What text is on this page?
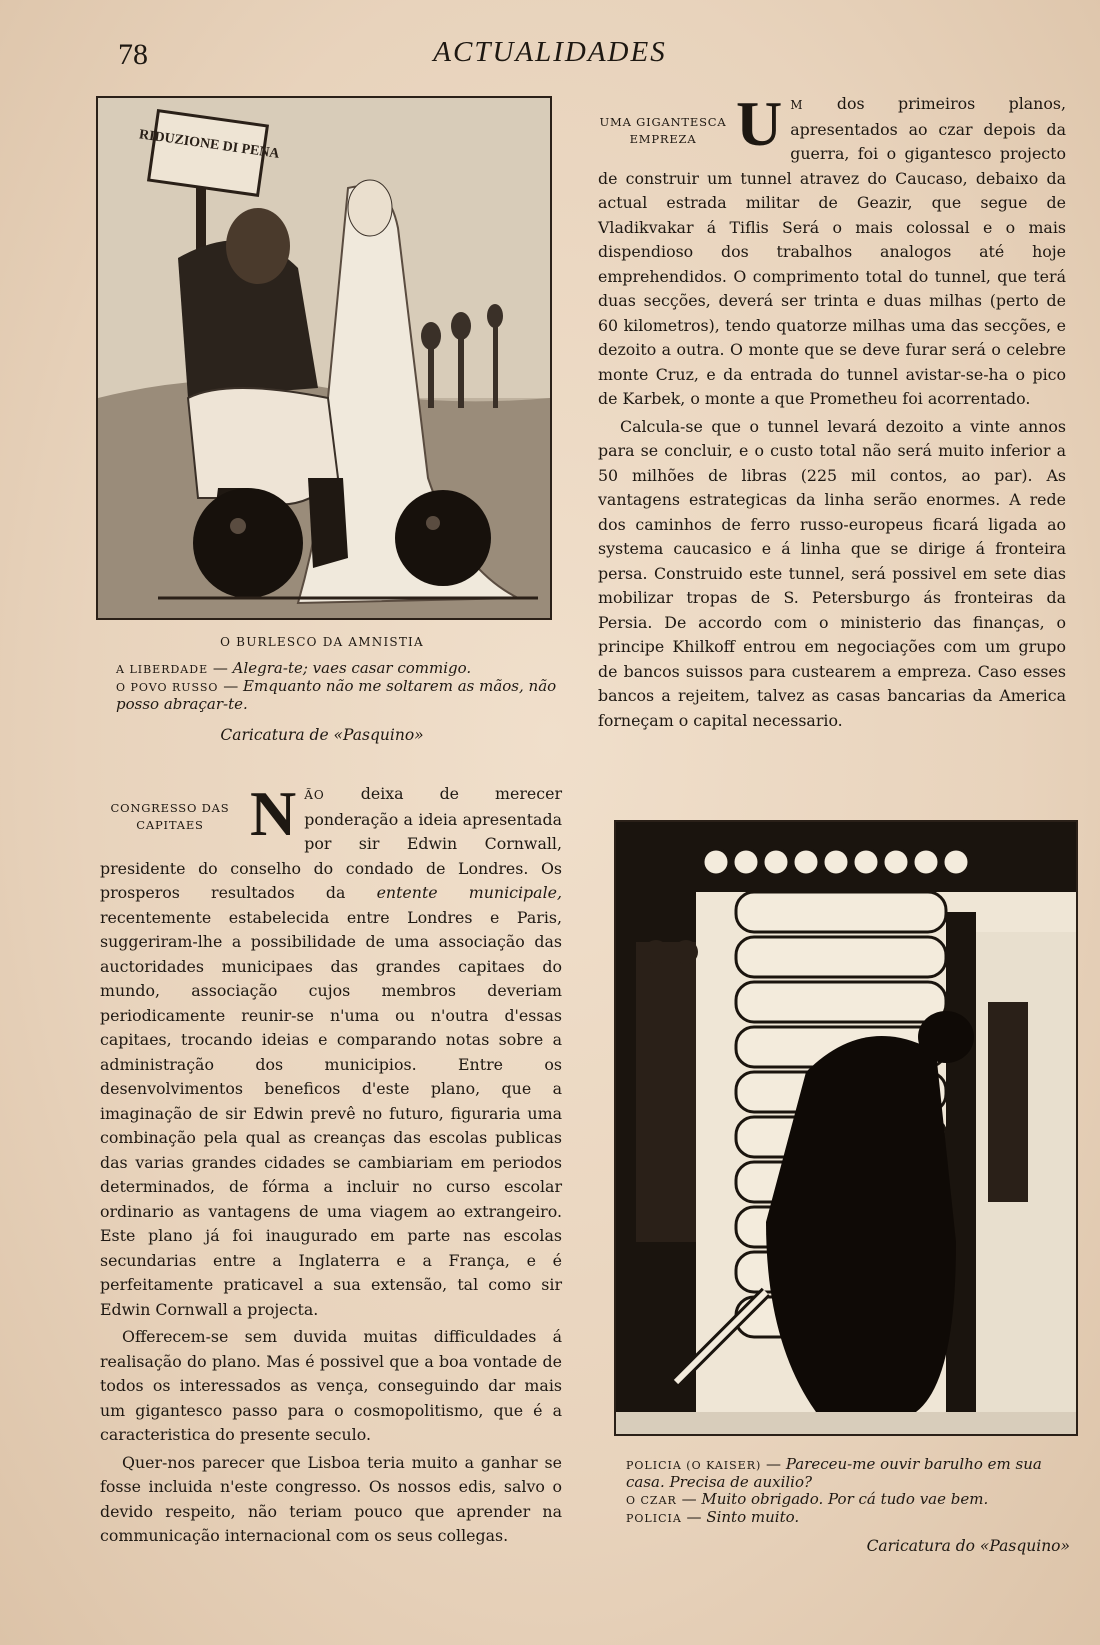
78	ACTUALIDADES
RIDUZIONE DI PENA
O BURLESCO DA AMNISTIA
A LIBERDADE — Alegra-te; vaes casar commigo.
O POVO RUSSO — Emquanto não me soltarem as mãos, não posso abraçar-te.
Caricatura de «Pasquino»
CONGRESSO DAS CAPITAES NÃO deixa de merecer ponderação a ideia apresentada por sir Edwin Cornwall, presidente do conselho do condado de Londres. Os prosperos resultados da entente municipale, recentemente estabelecida entre Londres e Paris, suggeriram-lhe a possibilidade de uma associação das auctoridades municipaes das grandes capitaes do mundo, associação cujos membros deveriam periodicamente reunir-se n'uma ou n'outra d'essas capitaes, trocando ideias e comparando notas sobre a administração dos municipios. Entre os desenvolvimentos beneficos d'este plano, que a imaginação de sir Edwin prevê no futuro, figuraria uma combinação pela qual as creanças das escolas publicas das varias grandes cidades se cambiariam em periodos determinados, de fórma a incluir no curso escolar ordinario as vantagens de uma viagem ao extrangeiro. Este plano já foi inaugurado em parte nas escolas secundarias entre a Inglaterra e a França, e é perfeitamente praticavel a sua extensão, tal como sir Edwin Cornwall a projecta.

Offerecem-se sem duvida muitas difficuldades á realisação do plano. Mas é possivel que a boa vontade de todos os interessados as vença, conseguindo dar mais um gigantesco passo para o cosmopolitismo, que é a caracteristica do presente seculo.

Quer-nos parecer que Lisboa teria muito a ganhar se fosse incluida n'este congresso. Os nossos edis, salvo o devido respeito, não teriam pouco que aprender na communicação internacional com os seus collegas.

UMA GIGANTESCA EMPREZA U M dos primeiros planos, apresentados ao czar depois da guerra, foi o gigantesco projecto de construir um tunnel atravez do Caucaso, debaixo da actual estrada militar de Geazir, que segue de Vladikvakar á Tiflis Será o mais colossal e o mais dispendioso dos trabalhos analogos até hoje emprehendidos. O comprimento total do tunnel, que terá duas secções, deverá ser trinta e duas milhas (perto de 60 kilometros), tendo quatorze milhas uma das secções, e dezoito a outra. O monte que se deve furar será o celebre monte Cruz, e da entrada do tunnel avistar-se-ha o pico de Karbek, o monte a que Prometheu foi acorrentado.

Calcula-se que o tunnel levará dezoito a vinte annos para se concluir, e o custo total não será muito inferior a 50 milhões de libras (225 mil contos, ao par). As vantagens estrategicas da linha serão enormes. A rede dos caminhos de ferro russo-europeus ficará ligada ao systema caucasico e á linha que se dirige á fronteira persa. Construido este tunnel, será possivel em sete dias mobilizar tropas de S. Petersburgo ás fronteiras da Persia. De accordo com o ministerio das finanças, o principe Khilkoff entrou em negociações com um grupo de bancos suissos para custearem a empreza. Caso esses bancos a rejeitem, talvez as casas bancarias da America forneçam o capital necessario.

POLICIA (O KAISER) — Pareceu-me ouvir barulho em sua casa. Precisa de auxilio?
O CZAR — Muito obrigado. Por cá tudo vae bem.
POLICIA — Sinto muito.
Caricatura do «Pasquino»
